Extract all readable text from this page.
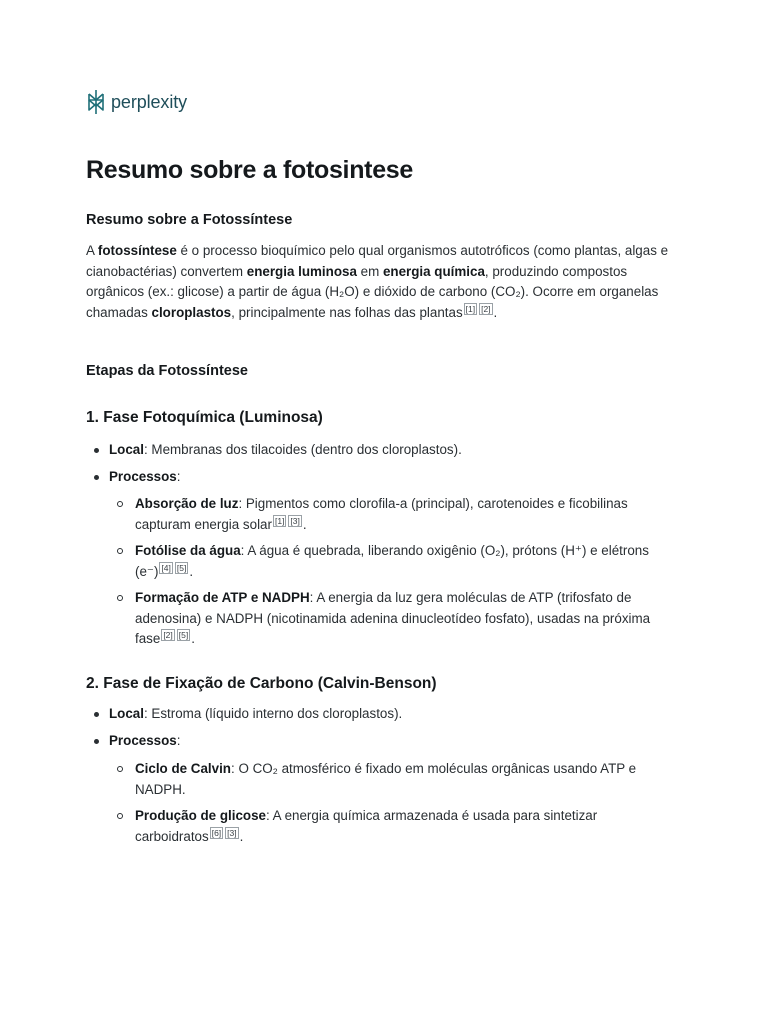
perplexity
Resumo sobre a fotosintese
Resumo sobre a Fotossíntese

A fotossíntese é o processo bioquímico pelo qual organismos autotróficos (como plantas, algas e cianobactérias) convertem energia luminosa em energia química, produzindo compostos orgânicos (ex.: glicose) a partir de água (H₂O) e dióxido de carbono (CO₂). Ocorre em organelas chamadas cloroplastos, principalmente nas folhas das plantas [1] [2] .

Etapas da Fotossíntese
1. Fase Fotoquímica (Luminosa)

Local: Membranas dos tilacoides (dentro dos cloroplastos).

Processos:

Absorção de luz: Pigmentos como clorofila-a (principal), carotenoides e ficobilinas capturam energia solar [1] [3] .

Fotólise da água: A água é quebrada, liberando oxigênio (O₂), prótons (H⁺) e elétrons (e⁻) [4] [5] .

Formação de ATP e NADPH: A energia da luz gera moléculas de ATP (trifosfato de adenosina) e NADPH (nicotinamida adenina dinucleotídeo fosfato), usadas na próxima fase [2] [5] .

2. Fase de Fixação de Carbono (Calvin-Benson)

Local: Estroma (líquido interno dos cloroplastos).

Processos:

Ciclo de Calvin: O CO₂ atmosférico é fixado em moléculas orgânicas usando ATP e NADPH.

Produção de glicose: A energia química armazenada é usada para sintetizar carboidratos [6] [3] .
